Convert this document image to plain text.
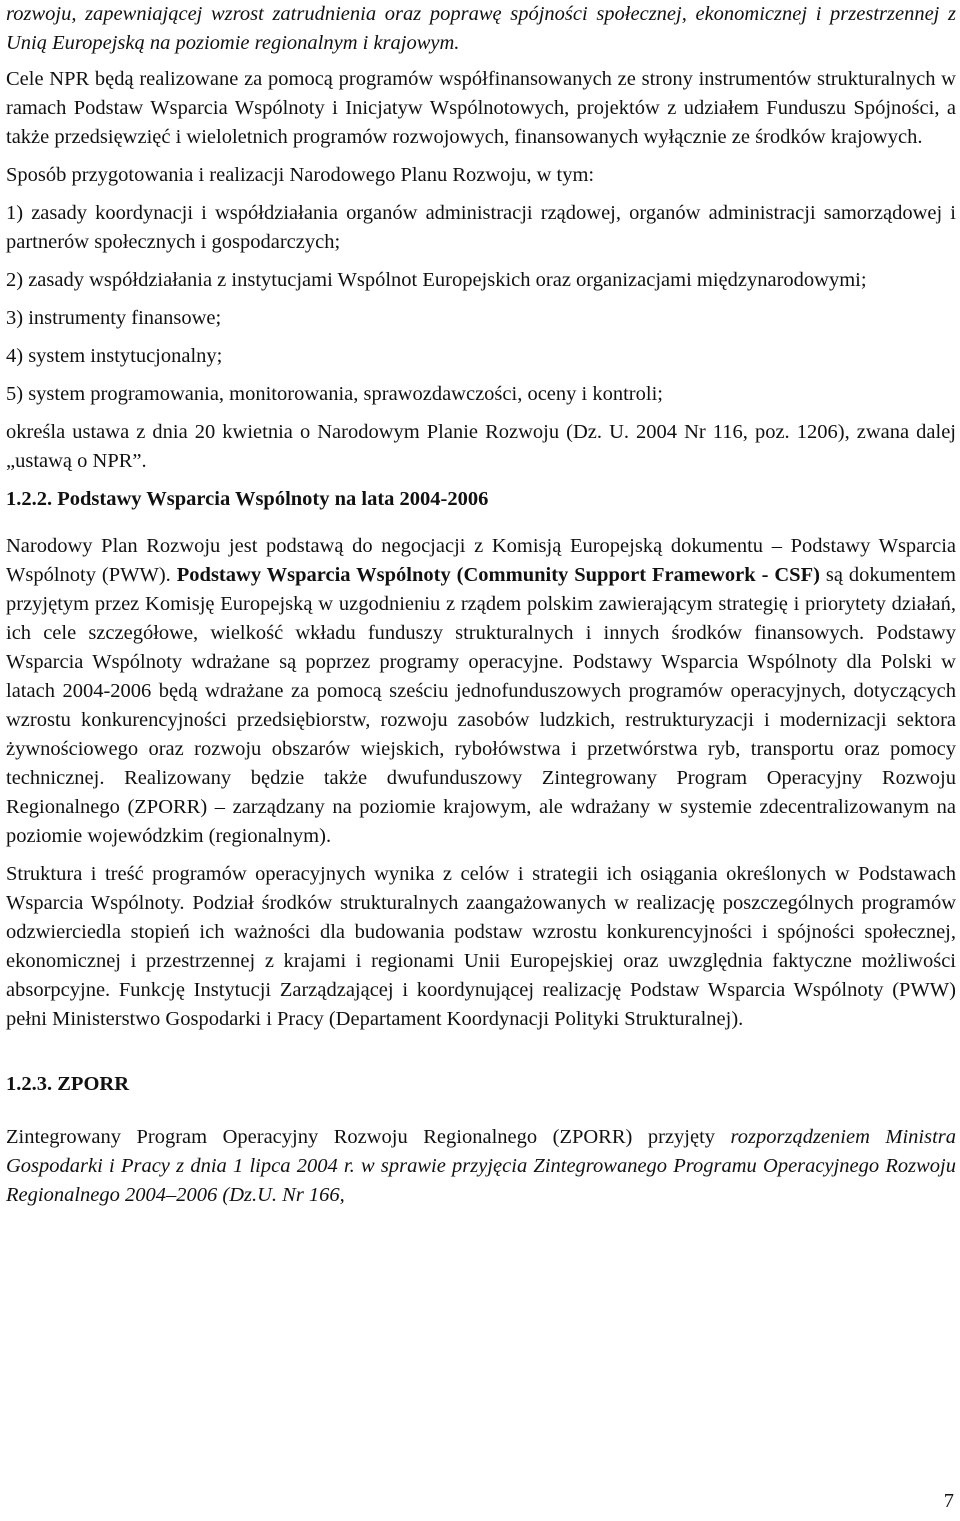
rozwoju, zapewniającej wzrost zatrudnienia oraz poprawę spójności społecznej, ekonomicznej i przestrzennej z Unią Europejską na poziomie regionalnym i krajowym.

Cele NPR będą realizowane za pomocą programów współfinansowanych ze strony instrumentów strukturalnych w ramach Podstaw Wsparcia Wspólnoty i Inicjatyw Wspólnotowych, projektów z udziałem Funduszu Spójności, a także przedsięwzięć i wieloletnich programów rozwojowych, finansowanych wyłącznie ze środków krajowych.

Sposób przygotowania i realizacji Narodowego Planu Rozwoju, w tym:

1) zasady koordynacji i współdziałania organów administracji rządowej, organów administracji samorządowej i partnerów społecznych i gospodarczych;

2) zasady współdziałania z instytucjami Wspólnot Europejskich oraz organizacjami międzynarodowymi;

3) instrumenty finansowe;

4) system instytucjonalny;

5) system programowania, monitorowania, sprawozdawczości, oceny i kontroli;

określa ustawa z dnia 20 kwietnia o Narodowym Planie Rozwoju (Dz. U. 2004 Nr 116, poz. 1206), zwana dalej „ustawą o NPR”.

1.2.2. Podstawy Wsparcia Wspólnoty na lata 2004-2006

Narodowy Plan Rozwoju jest podstawą do negocjacji z Komisją Europejską dokumentu – Podstawy Wsparcia Wspólnoty (PWW). Podstawy Wsparcia Wspólnoty (Community Support Framework - CSF) są dokumentem przyjętym przez Komisję Europejską w uzgodnieniu z rządem polskim zawierającym strategię i priorytety działań, ich cele szczegółowe, wielkość wkładu funduszy strukturalnych i innych środków finansowych. Podstawy Wsparcia Wspólnoty wdrażane są poprzez programy operacyjne. Podstawy Wsparcia Wspólnoty dla Polski w latach 2004-2006 będą wdrażane za pomocą sześciu jednofunduszowych programów operacyjnych, dotyczących wzrostu konkurencyjności przedsiębiorstw, rozwoju zasobów ludzkich, restrukturyzacji i modernizacji sektora żywnościowego oraz rozwoju obszarów wiejskich, rybołówstwa i przetwórstwa ryb, transportu oraz pomocy technicznej. Realizowany będzie także dwufunduszowy Zintegrowany Program Operacyjny Rozwoju Regionalnego (ZPORR) – zarządzany na poziomie krajowym, ale wdrażany w systemie zdecentralizowanym na poziomie wojewódzkim (regionalnym).

Struktura i treść programów operacyjnych wynika z celów i strategii ich osiągania określonych w Podstawach Wsparcia Wspólnoty. Podział środków strukturalnych zaangażowanych w realizację poszczególnych programów odzwierciedla stopień ich ważności dla budowania podstaw wzrostu konkurencyjności i spójności społecznej, ekonomicznej i przestrzennej z krajami i regionami Unii Europejskiej oraz uwzględnia faktyczne możliwości absorpcyjne. Funkcję Instytucji Zarządzającej i koordynującej realizację Podstaw Wsparcia Wspólnoty (PWW) pełni Ministerstwo Gospodarki i Pracy (Departament Koordynacji Polityki Strukturalnej).

1.2.3. ZPORR

Zintegrowany Program Operacyjny Rozwoju Regionalnego (ZPORR) przyjęty rozporządzeniem Ministra Gospodarki i Pracy z dnia 1 lipca 2004 r. w sprawie przyjęcia Zintegrowanego Programu Operacyjnego Rozwoju Regionalnego 2004–2006 (Dz.U. Nr 166,

7
